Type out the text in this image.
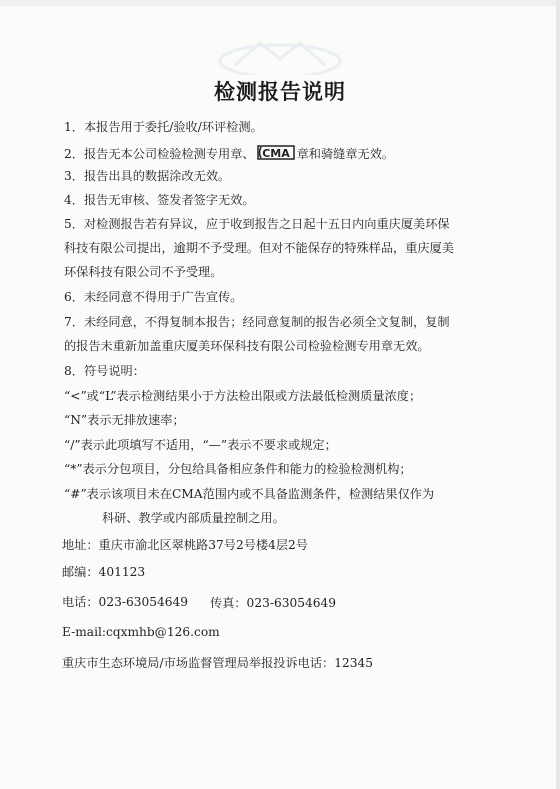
检测报告说明
1．本报告用于委托/验收/环评检测。
2．报告无本公司检验检测专用章、 CMA 章和骑缝章无效。
3．报告出具的数据涂改无效。
4．报告无审核、签发者签字无效。
5．对检测报告若有异议，应于收到报告之日起十五日内向重庆厦美环保
科技有限公司提出，逾期不予受理。但对不能保存的特殊样品，重庆厦美
环保科技有限公司不予受理。
6．未经同意不得用于广告宣传。
7．未经同意，不得复制本报告；经同意复制的报告必须全文复制，复制
的报告未重新加盖重庆厦美环保科技有限公司检验检测专用章无效。
8．符号说明：
“<”或“L”表示检测结果小于方法检出限或方法最低检测质量浓度；
“N”表示无排放速率；
“/”表示此项填写不适用，“—”表示不要求或规定；
“*”表示分包项目，分包给具备相应条件和能力的检验检测机构；
“#”表示该项目未在CMA范围内或不具备监测条件，检测结果仅作为
科研、教学或内部质量控制之用。
地址：重庆市渝北区翠桃路37号2号楼4层2号
邮编：401123
电话：023-63054649 传真：023-63054649
E-mail:cqxmhb@126.com
重庆市生态环境局/市场监督管理局举报投诉电话：12345
